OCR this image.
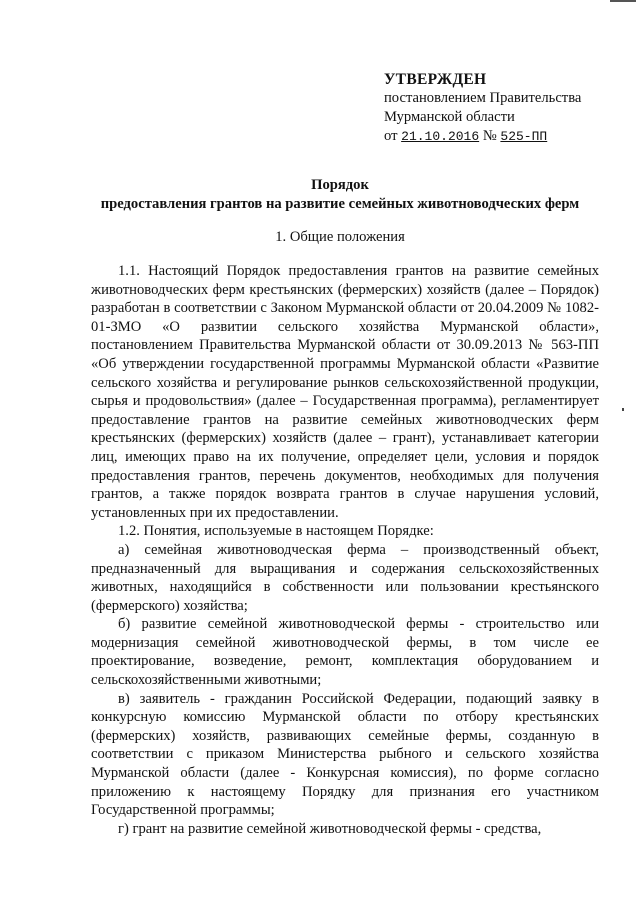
УТВЕРЖДЕН
постановлением Правительства
Мурманской области
от 21.10.2016 № 525-ПП
Порядок
предоставления грантов на развитие семейных животноводческих ферм
1. Общие положения

1.1. Настоящий Порядок предоставления грантов на развитие семейных животноводческих ферм крестьянских (фермерских) хозяйств (далее – Порядок) разработан в соответствии с Законом Мурманской области от 20.04.2009 № 1082-01-ЗМО «О развитии сельского хозяйства Мурманской области», постановлением Правительства Мурманской области от 30.09.2013 № 563-ПП «Об утверждении государственной программы Мурманской области «Развитие сельского хозяйства и регулирование рынков сельскохозяйственной продукции, сырья и продовольствия» (далее – Государственная программа), регламентирует предоставление грантов на развитие семейных животноводческих ферм крестьянских (фермерских) хозяйств (далее – грант), устанавливает категории лиц, имеющих право на их получение, определяет цели, условия и порядок предоставления грантов, перечень документов, необходимых для получения грантов, а также порядок возврата грантов в случае нарушения условий, установленных при их предоставлении.

1.2. Понятия, используемые в настоящем Порядке:

а) семейная животноводческая ферма – производственный объект, предназначенный для выращивания и содержания сельскохозяйственных животных, находящийся в собственности или пользовании крестьянского (фермерского) хозяйства;

б) развитие семейной животноводческой фермы - строительство или модернизация семейной животноводческой фермы, в том числе ее проектирование, возведение, ремонт, комплектация оборудованием и сельскохозяйственными животными;

в) заявитель - гражданин Российской Федерации, подающий заявку в конкурсную комиссию Мурманской области по отбору крестьянских (фермерских) хозяйств, развивающих семейные фермы, созданную в соответствии с приказом Министерства рыбного и сельского хозяйства Мурманской области (далее - Конкурсная комиссия), по форме согласно приложению к настоящему Порядку для признания его участником Государственной программы;

г) грант на развитие семейной животноводческой фермы - средства,
